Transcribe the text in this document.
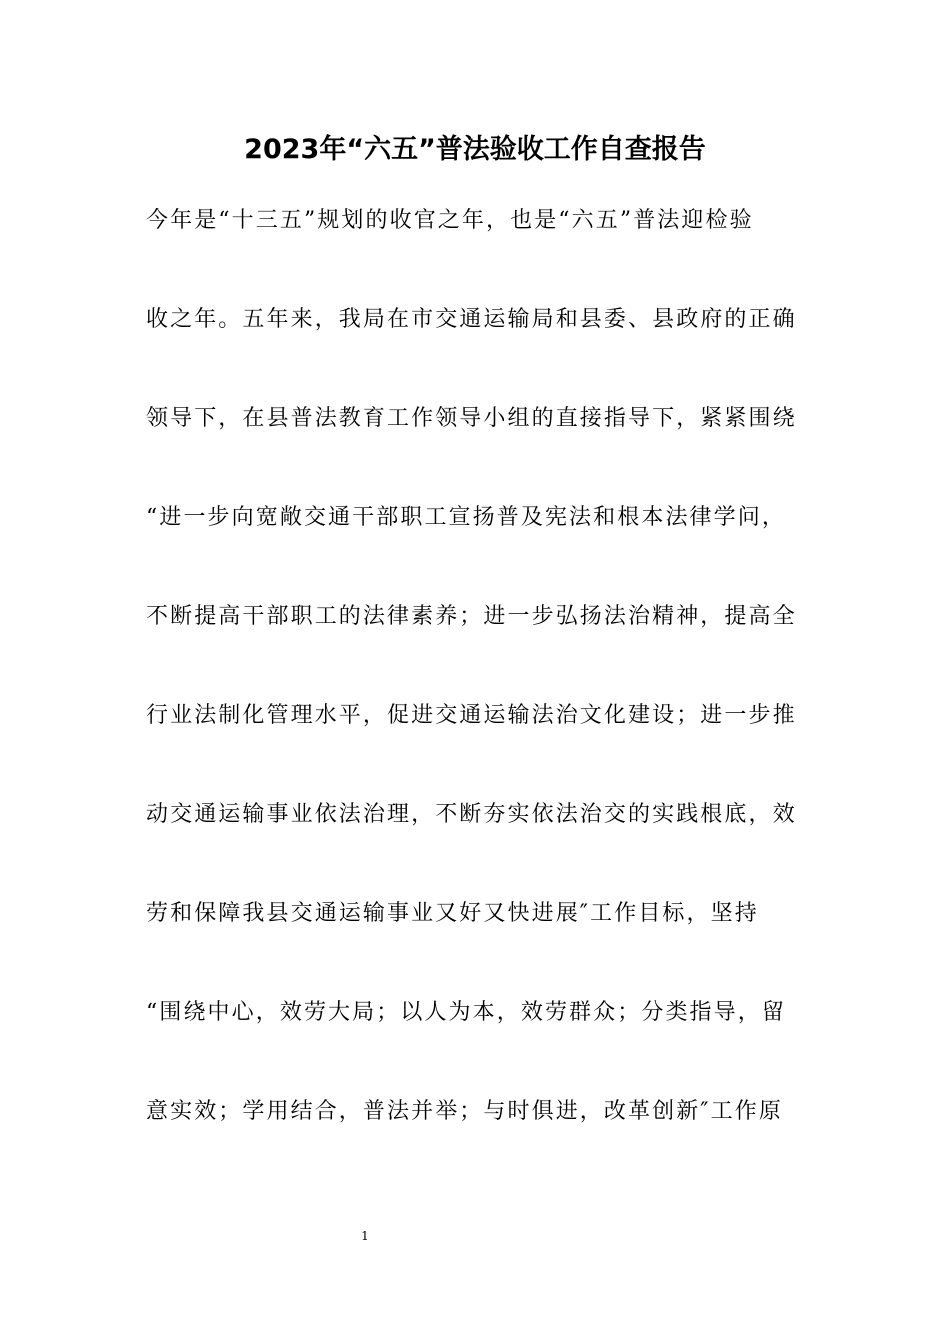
2023年“六五”普法验收工作自查报告
今年是“十三五”规划的收官之年，也是“六五”普法迎检验
收之年。五年来，我局在市交通运输局和县委、县政府的正确
领导下，在县普法教育工作领导小组的直接指导下，紧紧围绕
“进一步向宽敞交通干部职工宣扬普及宪法和根本法律学问，
不断提高干部职工的法律素养；进一步弘扬法治精神，提高全
行业法制化管理水平，促进交通运输法治文化建设；进一步推
动交通运输事业依法治理，不断夯实依法治交的实践根底，效
劳和保障我县交通运输事业又好又快进展″工作目标，坚持
“围绕中心，效劳大局；以人为本，效劳群众；分类指导，留
意实效；学用结合，普法并举；与时俱进，改革创新″工作原
1
